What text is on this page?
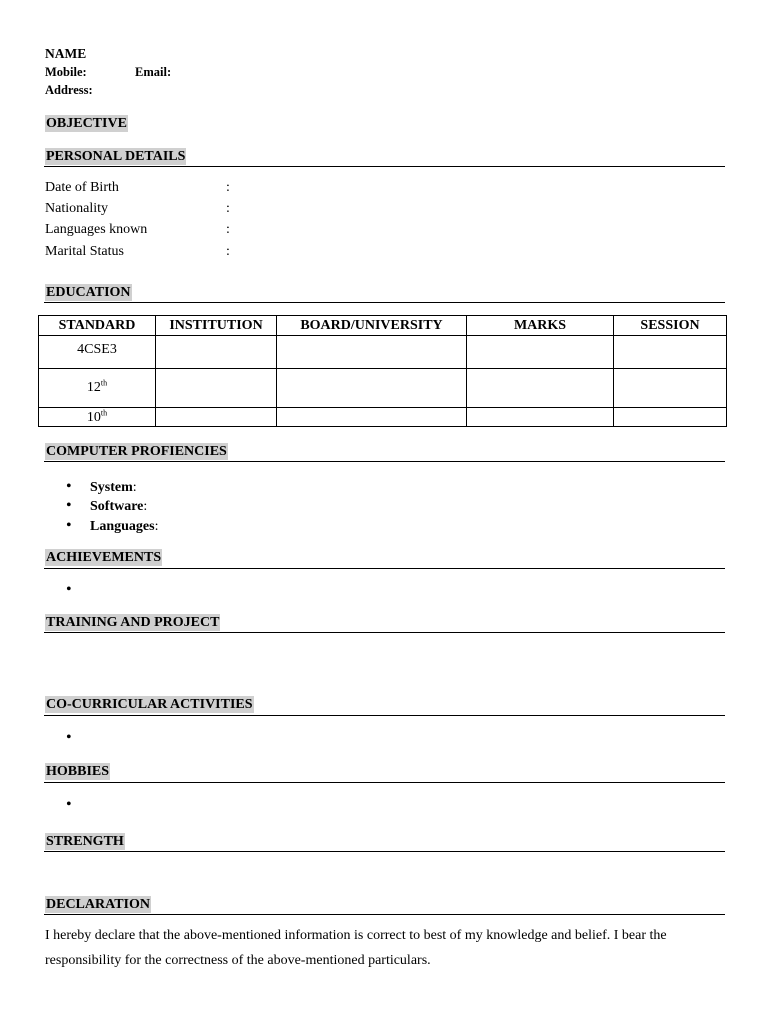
NAME
Mobile:	Email:
Address:
OBJECTIVE
PERSONAL DETAILS
Date of Birth	:
Nationality	:
Languages known	:
Marital Status	:
EDUCATION
STANDARD	INSTITUTION	BOARD/UNIVERSITY	MARKS	SESSION
4CSE3				
12th				
10th				
COMPUTER PROFIENCIES
• System:
• Software:
• Languages:
ACHIEVEMENTS
•
TRAINING AND PROJECT
CO-CURRICULAR ACTIVITIES
•
HOBBIES
•
STRENGTH
DECLARATION
I hereby declare that the above-mentioned information is correct to best of my knowledge and belief. I bear the responsibility for the correctness of the above-mentioned particulars.
